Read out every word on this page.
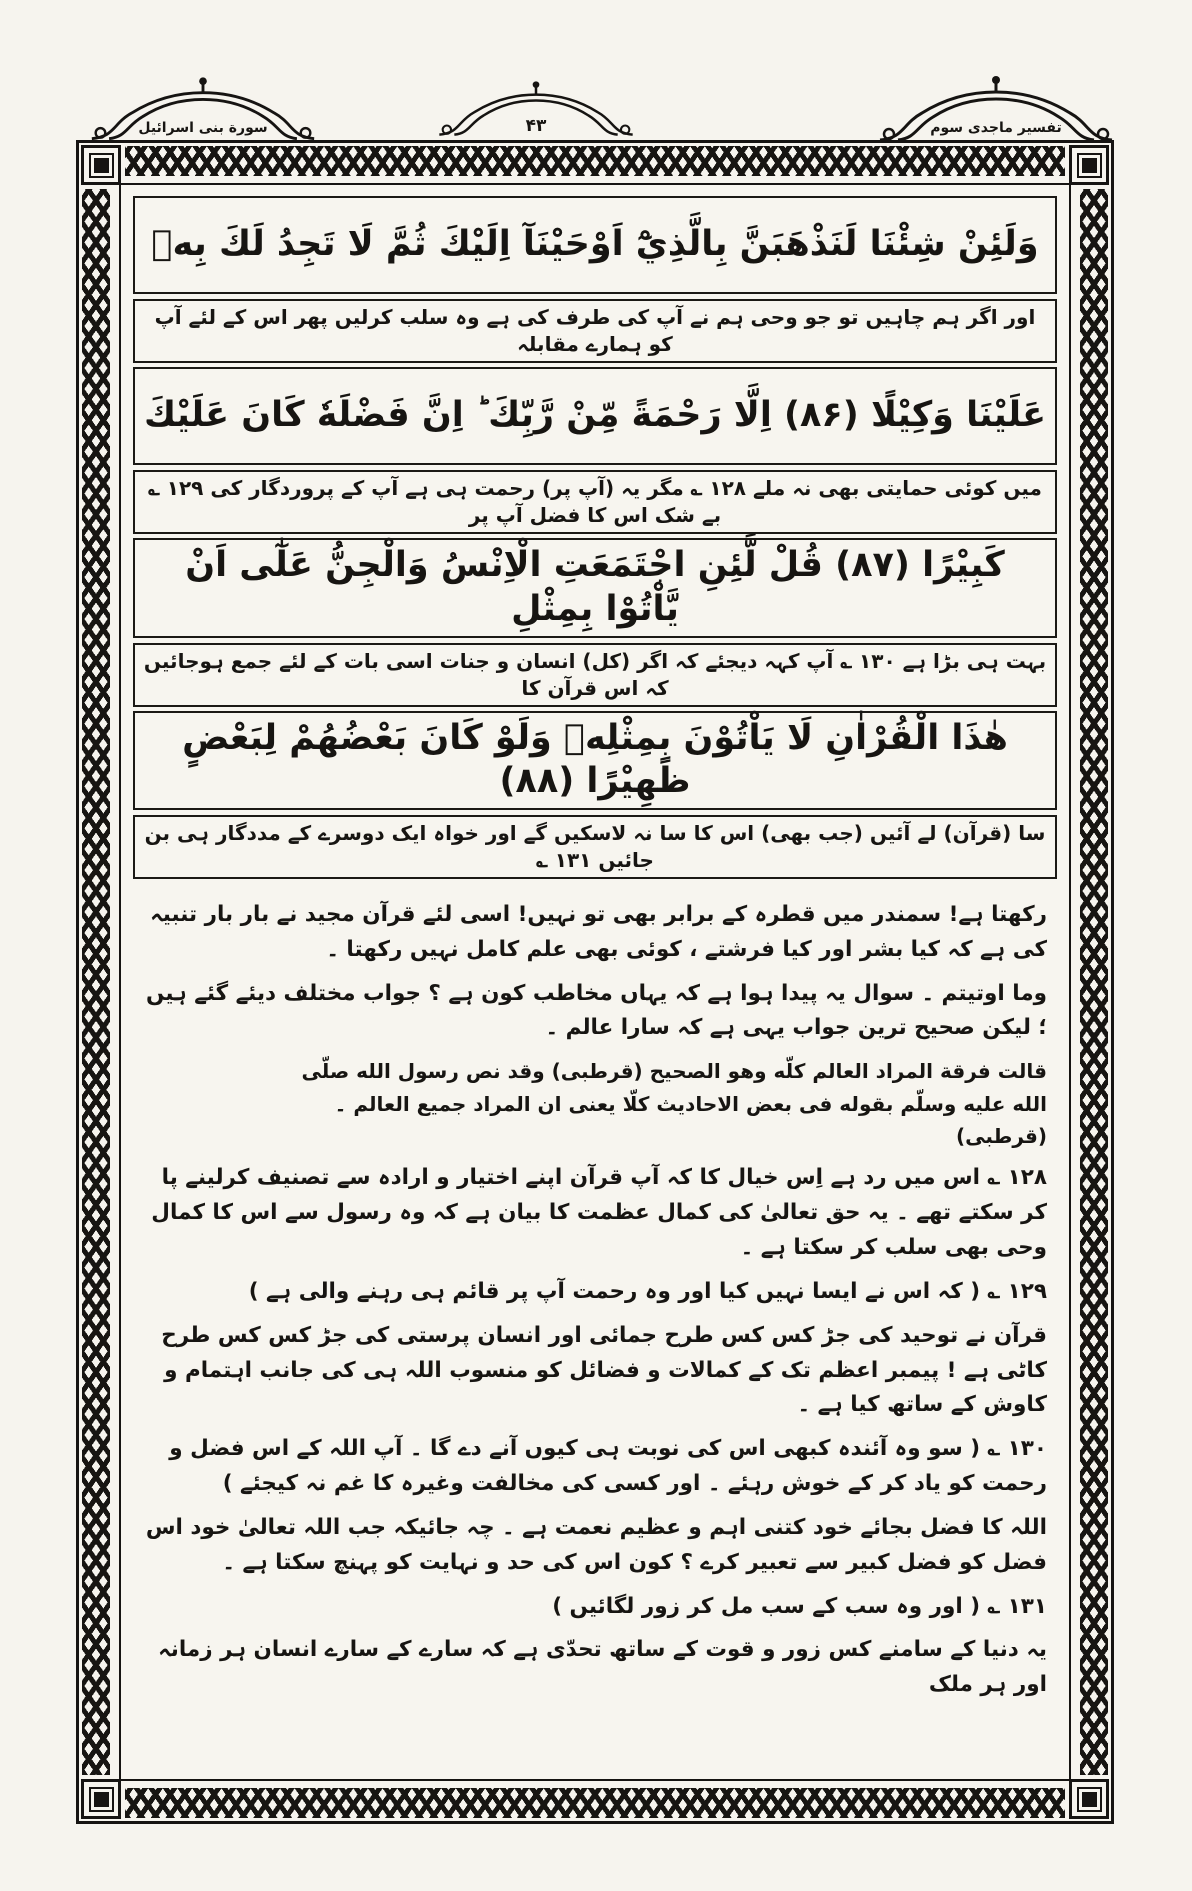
سورة بنى اسرائيل	۴۳	تفسير ماجدى سوم
وَلَئِنْ شِئْنَا لَنَذْهَبَنَّ بِالَّذِيْٓ اَوْحَيْنَآ اِلَيْكَ ثُمَّ لَا تَجِدُ لَكَ بِهٖ
اور اگر ہم چاہیں تو جو وحی ہم نے آپ کی طرف کی ہے وہ سلب کرلیں پھر اس کے لئے آپ کو ہمارے مقابلہ
عَلَيْنَا وَكِيْلًا (۸۶) اِلَّا رَحْمَةً مِّنْ رَّبِّكَ ؕ اِنَّ فَضْلَهٗ كَانَ عَلَيْكَ
میں کوئی حمایتی بھی نہ ملے ۱۲۸ ؎ مگر یہ (آپ پر) رحمت ہی ہے آپ کے پروردگار کی ۱۲۹ ؎ بے شک اس کا فضل آپ پر
كَبِيْرًا (۸۷) قُلْ لَّئِنِ اجْتَمَعَتِ الْاِنْسُ وَالْجِنُّ عَلٰٓى اَنْ يَّاْتُوْا بِمِثْلِ
بہت ہی بڑا ہے ۱۳۰ ؎ آپ کہہ دیجئے کہ اگر (کل) انسان و جنات اسی بات کے لئے جمع ہوجائیں کہ اس قرآن کا
هٰذَا الْقُرْاٰنِ لَا يَاْتُوْنَ بِمِثْلِهٖ وَلَوْ كَانَ بَعْضُهُمْ لِبَعْضٍ ظَهِيْرًا (۸۸)
سا (قرآن) لے آئیں (جب بھی) اس کا سا نہ لاسکیں گے اور خواہ ایک دوسرے کے مددگار ہی بن جائیں ۱۳۱ ؎

رکھتا ہے! سمندر میں قطرہ کے برابر بھی تو نہیں! اسی لئے قرآن مجید نے بار بار تنبیہ کی ہے کہ کیا بشر اور کیا فرشتے ، کوئی بھی علم کامل نہیں رکھتا ۔

وما اوتیتم ۔ سوال یہ پیدا ہوا ہے کہ یہاں مخاطب کون ہے ؟ جواب مختلف دیئے گئے ہیں ؛ لیکن صحیح ترین جواب یہی ہے کہ سارا عالم ۔

قالت فرقة المراد العالم كلّه وهو الصحيح (قرطبى) وقد نص رسول الله صلّى الله عليه وسلّم بقوله فى بعض الاحاديث كلّا يعنى ان المراد جميع العالم ۔ (قرطبى)

۱۲۸ ؎ اس میں رد ہے اِس خیال کا کہ آپ قرآن اپنے اختیار و ارادہ سے تصنیف کرلینے پا کر سکتے تھے ۔ یہ حق تعالیٰ کی کمال عظمت کا بیان ہے کہ وہ رسول سے اس کا کمال وحی بھی سلب کر سکتا ہے ۔

۱۲۹ ؎ ( کہ اس نے ایسا نہیں کیا اور وہ رحمت آپ پر قائم ہی رہنے والی ہے )

قرآن نے توحید کی جڑ کس کس طرح جمائی اور انسان پرستی کی جڑ کس کس طرح کاٹی ہے ! پیمبر اعظم تک کے کمالات و فضائل کو منسوب اللہ ہی کی جانب اہتمام و کاوش کے ساتھ کیا ہے ۔

۱۳۰ ؎ ( سو وہ آئندہ کبھی اس کی نوبت ہی کیوں آنے دے گا ۔ آپ اللہ کے اس فضل و رحمت کو یاد کر کے خوش رہئے ۔ اور کسی کی مخالفت وغیرہ کا غم نہ کیجئے )

اللہ کا فضل بجائے خود کتنی اہم و عظیم نعمت ہے ۔ چہ جائیکہ جب اللہ تعالیٰ خود اس فضل کو فضل کبیر سے تعبیر کرے ؟ کون اس کی حد و نہایت کو پہنچ سکتا ہے ۔

۱۳۱ ؎ ( اور وہ سب کے سب مل کر زور لگائیں )

یہ دنیا کے سامنے کس زور و قوت کے ساتھ تحدّی ہے کہ سارے کے سارے انسان ہر زمانہ اور ہر ملک
